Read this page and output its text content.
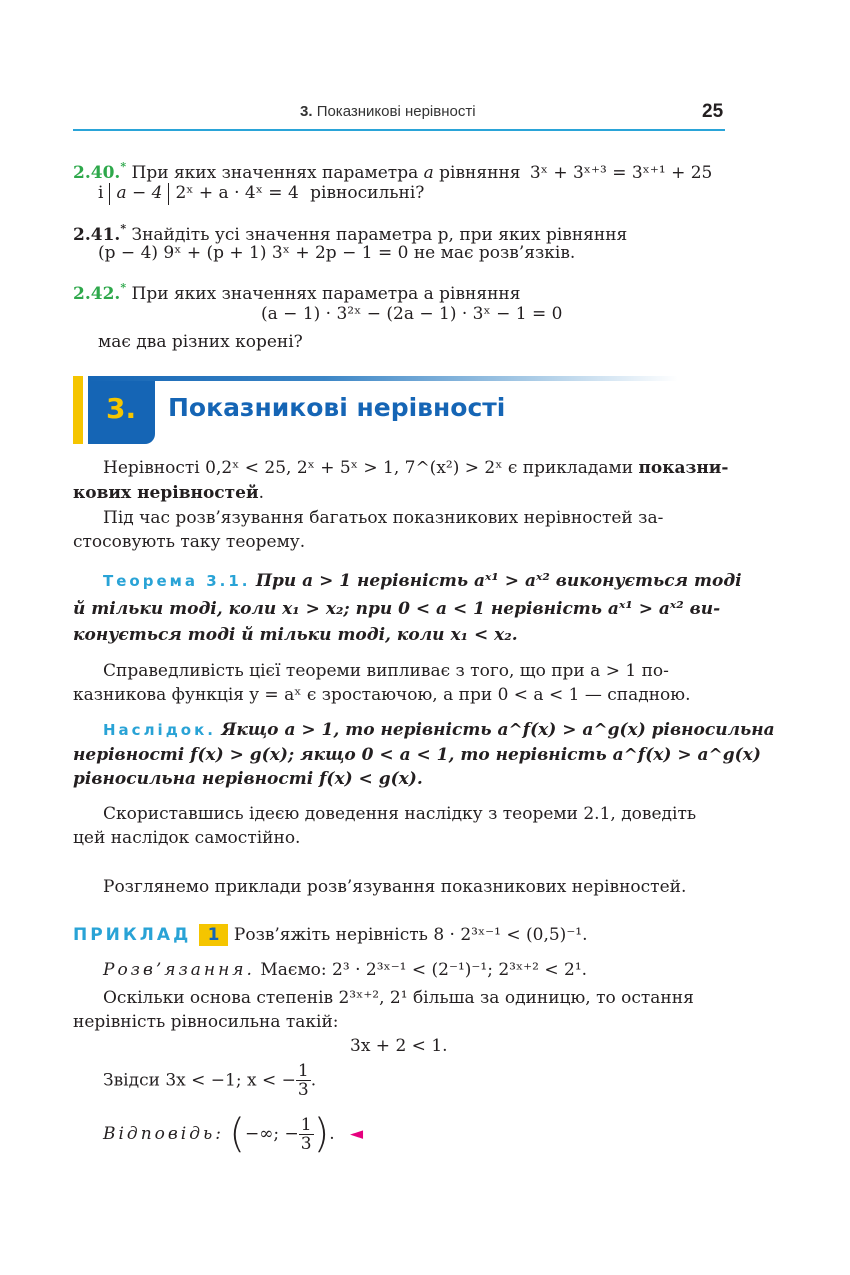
3. Показникові нерівності	25
2.40.* При яких значеннях параметра a рівняння 3ˣ + 3ˣ⁺³ = 3ˣ⁺¹ + 25
і a − 4 2ˣ + a · 4ˣ = 4 рівносильні?
2.41.* Знайдіть усі значення параметра p, при яких рівняння
(p − 4) 9ˣ + (p + 1) 3ˣ + 2p − 1 = 0 не має розв’язків.
2.42.* При яких значеннях параметра a рівняння
(a − 1) · 3²ˣ − (2a − 1) · 3ˣ − 1 = 0
має два різних корені?
3. Показникові нерівності
Нерівності 0,2ˣ < 25, 2ˣ + 5ˣ > 1, 7^(x²) > 2ˣ є прикладами показни-
кових нерівностей.
Під час розв’язування багатьох показникових нерівностей за-
стосовують таку теорему.
Теорема 3.1. При a > 1 нерівність aˣ¹ > aˣ² виконується тоді
й тільки тоді, коли x₁ > x₂; при 0 < a < 1 нерівність aˣ¹ > aˣ² ви-
конується тоді й тільки тоді, коли x₁ < x₂.
Справедливість цієї теореми випливає з того, що при a > 1 по-
казникова функція y = aˣ є зростаючою, а при 0 < a < 1 — спадною.
Наслідок. Якщо a > 1, то нерівність a^f(x) > a^g(x) рівносильна
нерівності f(x) > g(x); якщо 0 < a < 1, то нерівність a^f(x) > a^g(x)
рівносильна нерівності f(x) < g(x).
Скориставшись ідеєю доведення наслідку з теореми 2.1, доведіть
цей наслідок самостійно.
Розглянемо приклади розв’язування показникових нерівностей.
ПРИКЛАД 1 Розв’яжіть нерівність 8 · 2³ˣ⁻¹ < (0,5)⁻¹.
Розв’язання. Маємо: 2³ · 2³ˣ⁻¹ < (2⁻¹)⁻¹; 2³ˣ⁺² < 2¹.
Оскільки основа степенів 2³ˣ⁺², 2¹ більша за одиницю, то остання
нерівність рівносильна такій:
3x + 2 < 1.
Звідси 3x < −1; x < − $\frac{1}{3}$ .
Відповідь: (−∞; − $\frac{1}{3}$ ). ◄
